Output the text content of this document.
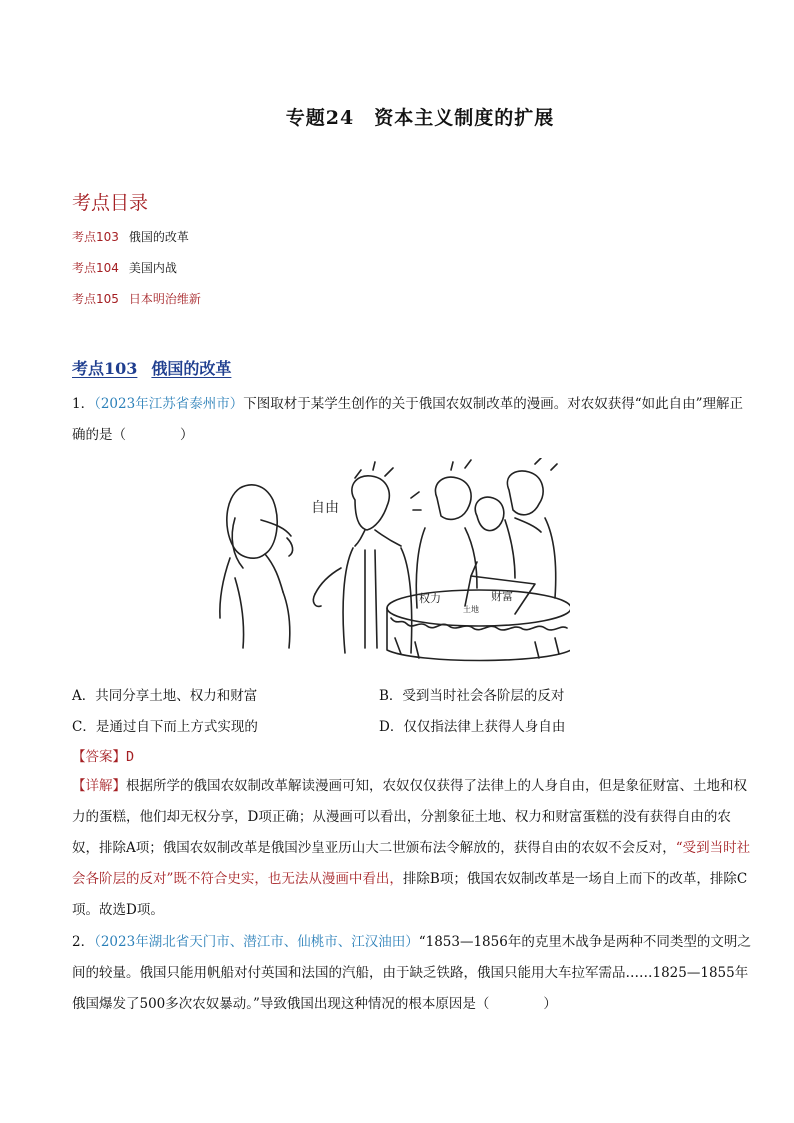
专题24　资本主义制度的扩展
考点目录
考点103 俄国的改革
考点104 美国内战
考点105 日本明治维新
考点103 俄国的改革

1．（2023年江苏省泰州市）下图取材于某学生创作的关于俄国农奴制改革的漫画。对农奴获得“如此自由”理解正确的是（　　　　）

自由
权力	财富
土地
A．共同分享土地、权力和财富	B．受到当时社会各阶层的反对
C．是通过自下而上方式实现的	D．仅仅指法律上获得人身自由
【答案】D

【详解】根据所学的俄国农奴制改革解读漫画可知，农奴仅仅获得了法律上的人身自由，但是象征财富、土地和权力的蛋糕，他们却无权分享，D项正确；从漫画可以看出，分割象征土地、权力和财富蛋糕的没有获得自由的农奴，排除A项；俄国农奴制改革是俄国沙皇亚历山大二世颁布法令解放的，获得自由的农奴不会反对，“受到当时社会各阶层的反对”既不符合史实，也无法从漫画中看出，排除B项；俄国农奴制改革是一场自上而下的改革，排除C项。故选D项。

2．（2023年湖北省天门市、潜江市、仙桃市、江汉油田）“1853—1856年的克里木战争是两种不同类型的文明之间的较量。俄国只能用帆船对付英国和法国的汽船，由于缺乏铁路，俄国只能用大车拉军需品……1825—1855年俄国爆发了500多次农奴暴动。”导致俄国出现这种情况的根本原因是（　　　　）
